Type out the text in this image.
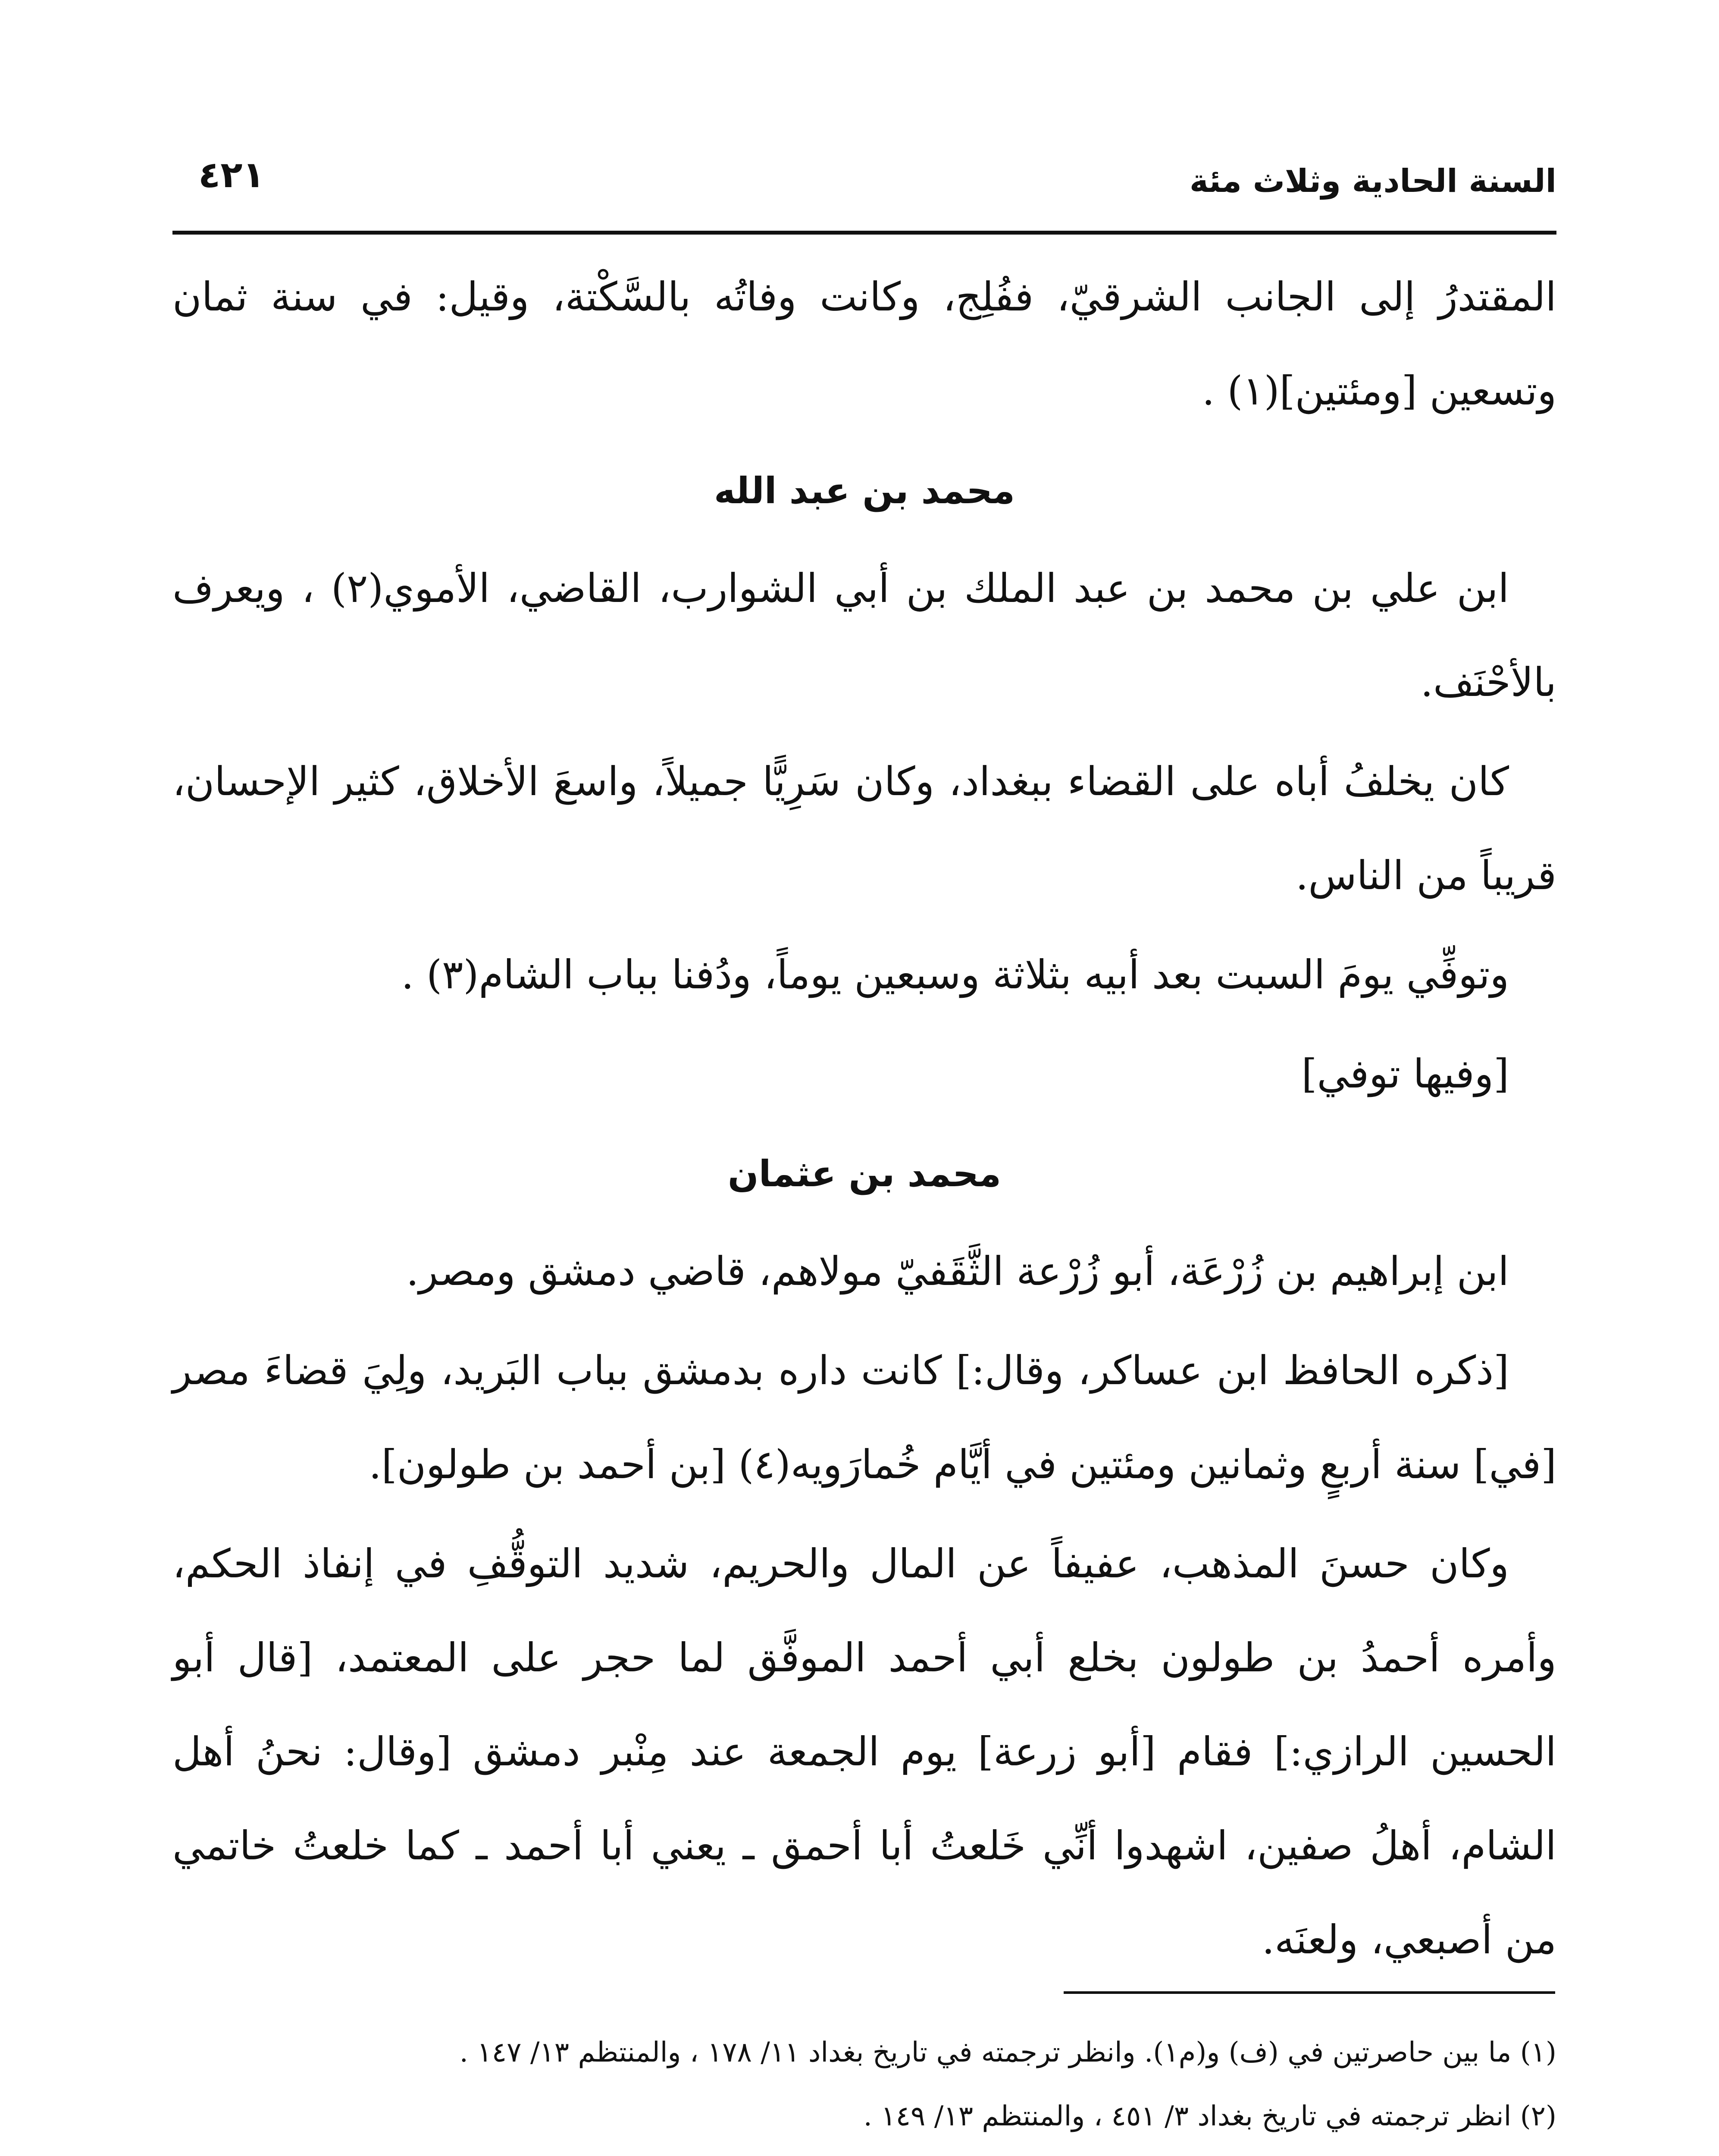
السنة الحادية وثلاث مئة
٤٢١

المقتدرُ إلى الجانب الشرقيّ، ففُلِج، وكانت وفاتُه بالسَّكْتة، وقيل: في سنة ثمان وتسعين [ومئتين](١) .

محمد بن عبد الله

ابن علي بن محمد بن عبد الملك بن أبي الشوارب، القاضي، الأموي(٢) ، ويعرف بالأحْنَف.

كان يخلفُ أباه على القضاء ببغداد، وكان سَرِيًّا جميلاً، واسعَ الأخلاق، كثير الإحسان، قريباً من الناس.

وتوفِّي يومَ السبت بعد أبيه بثلاثة وسبعين يوماً، ودُفنا بباب الشام(٣) .

[وفيها توفي]

محمد بن عثمان

ابن إبراهيم بن زُرْعَة، أبو زُرْعة الثَّقَفيّ مولاهم، قاضي دمشق ومصر.

[ذكره الحافظ ابن عساكر، وقال:] كانت داره بدمشق بباب البَريد، ولِيَ قضاءَ مصر [في] سنة أربعٍ وثمانين ومئتين في أيَّام خُمارَويه(٤) [بن أحمد بن طولون].

وكان حسنَ المذهب، عفيفاً عن المال والحريم، شديد التوقُّفِ في إنفاذ الحكم، وأمره أحمدُ بن طولون بخلع أبي أحمد الموفَّق لما حجر على المعتمد، [قال أبو الحسين الرازي:] فقام [أبو زرعة] يوم الجمعة عند مِنْبر دمشق [وقال: نحنُ أهل الشام، أهلُ صفين، اشهدوا أنِّي خَلعتُ أبا أحمق ـ يعني أبا أحمد ـ كما خلعتُ خاتمي من أصبعي، ولعنَه.

(١) ما بين حاصرتين في (ف) و(م١). وانظر ترجمته في تاريخ بغداد ١١/ ١٧٨ ، والمنتظم ١٣/ ١٤٧ .

(٢) انظر ترجمته في تاريخ بغداد ٣/ ٤٥١ ، والمنتظم ١٣/ ١٤٩ .
